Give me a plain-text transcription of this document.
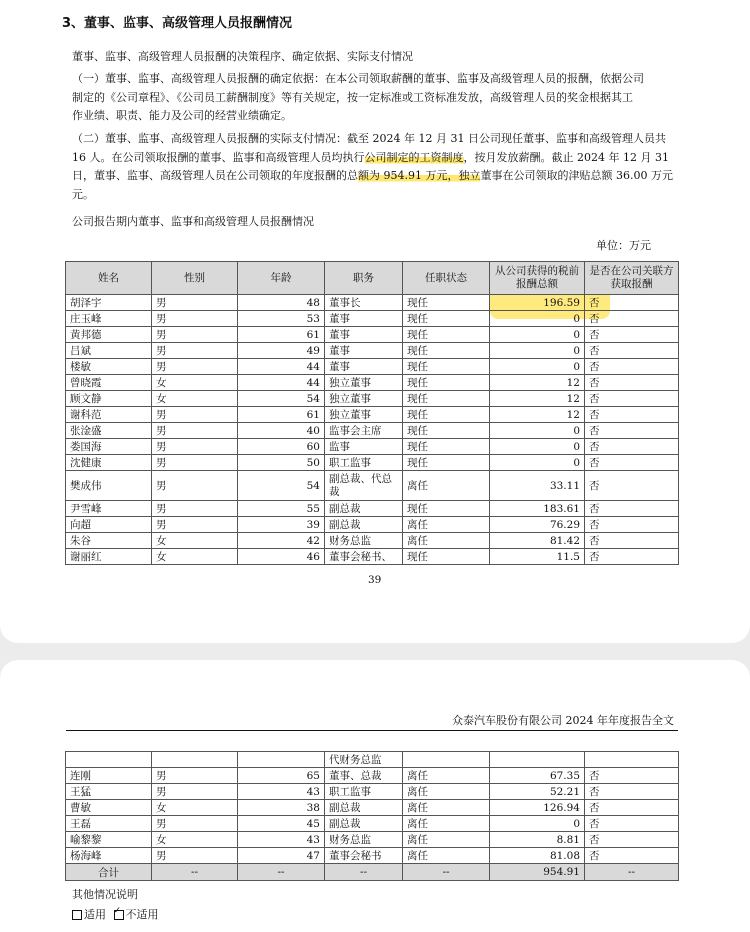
3、董事、监事、高级管理人员报酬情况
董事、监事、高级管理人员报酬的决策程序、确定依据、实际支付情况
（一）董事、监事、高级管理人员报酬的确定依据：在本公司领取薪酬的董事、监事及高级管理人员的报酬，依据公司
制定的《公司章程》、《公司员工薪酬制度》等有关规定，按一定标准或工资标准发放，高级管理人员的奖金根据其工
作业绩、职责、能力及公司的经营业绩确定。
（二）董事、监事、高级管理人员报酬的实际支付情况：截至 2024 年 12 月 31 日公司现任董事、监事和高级管理人员共
16 人。在公司领取报酬的董事、监事和高级管理人员均执行公司制定的工资制度，按月发放薪酬。截止 2024 年 12 月 31
日，董事、监事、高级管理人员在公司领取的年度报酬的总额为 954.91 万元，独立董事在公司领取的津贴总额 36.00 万元
元。
公司报告期内董事、监事和高级管理人员报酬情况
单位：万元
姓名	性别	年龄	职务	任职状态	从公司获得的税前报酬总额	是否在公司关联方获取报酬
胡泽宇	男	48	董事长	现任	196.59	否
庄玉峰	男	53	董事	现任	0	否
黄邦德	男	61	董事	现任	0	否
吕斌	男	49	董事	现任	0	否
楼敏	男	44	董事	现任	0	否
曾晓霞	女	44	独立董事	现任	12	否
顾文静	女	54	独立董事	现任	12	否
谢科范	男	61	独立董事	现任	12	否
张淦盛	男	40	监事会主席	现任	0	否
娄国海	男	60	监事	现任	0	否
沈健康	男	50	职工监事	现任	0	否
樊成伟	男	54	副总裁、代总裁	离任	33.11	否
尹雪峰	男	55	副总裁	现任	183.61	否
向超	男	39	副总裁	离任	76.29	否
朱谷	女	42	财务总监	离任	81.42	否
谢丽红	女	46	董事会秘书、	现任	11.5	否
39
众泰汽车股份有限公司 2024 年年度报告全文
			代财务总监			
连刚	男	65	董事、总裁	离任	67.35	否
王猛	男	43	职工监事	离任	52.21	否
曹敏	女	38	副总裁	离任	126.94	否
王磊	男	45	副总裁	离任	0	否
喻黎黎	女	43	财务总监	离任	8.81	否
杨海峰	男	47	董事会秘书	离任	81.08	否
合计	--	--	--	--	954.91	--
其他情况说明
适用 ✓ 不适用
